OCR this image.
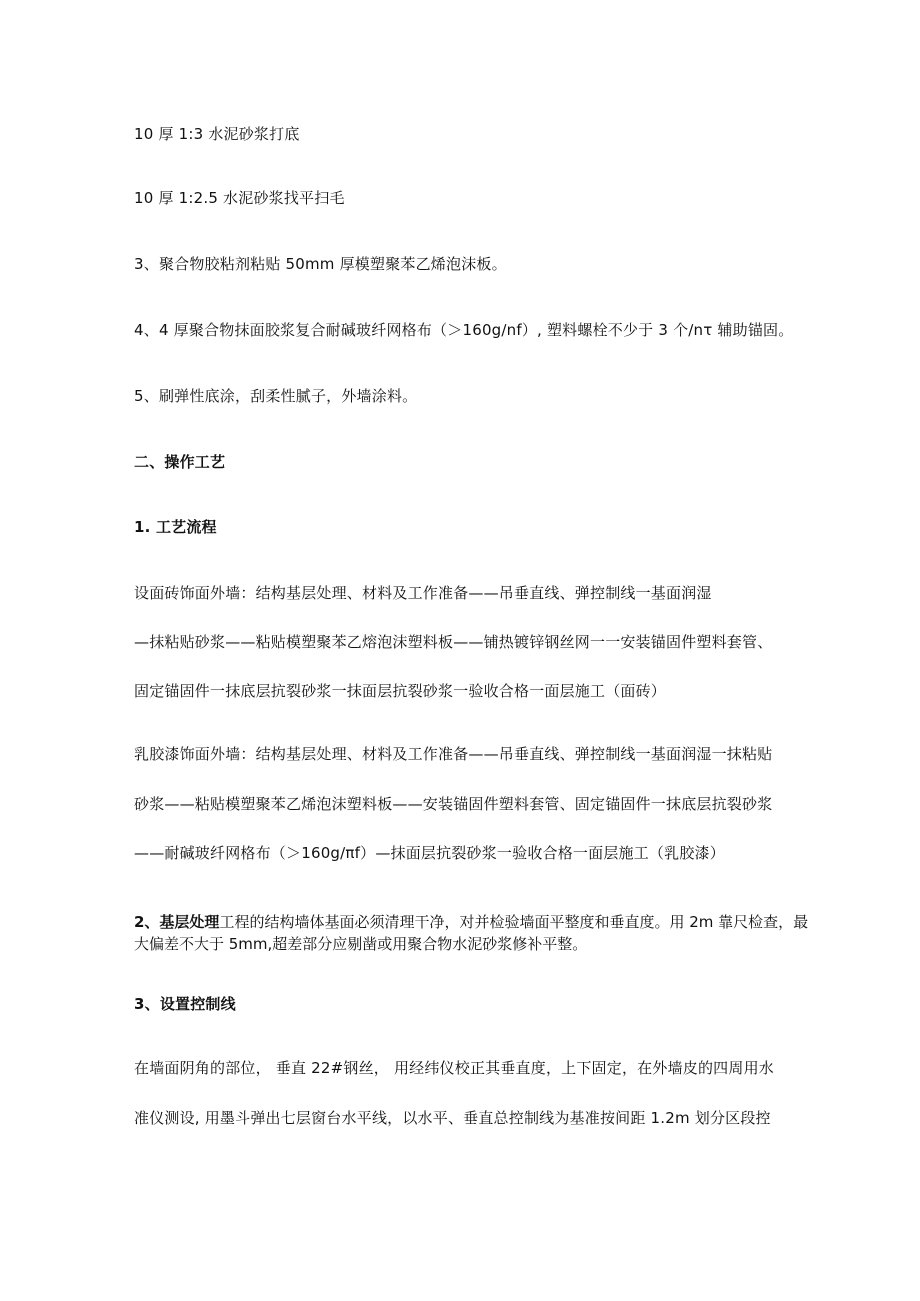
10 厚 1:3 水泥砂浆打底
10 厚 1:2.5 水泥砂浆找平扫毛
3、聚合物胶粘剂粘贴 50mm 厚模塑聚苯乙烯泡沫板。
4、4 厚聚合物抹面胶浆复合耐碱玻纤网格布（＞160g∕nf）, 塑料螺栓不少于 3 个∕nτ 辅助锚固。
5、刷弹性底涂，刮柔性腻子，外墙涂料。
二、操作工艺
1. 工艺流程
设面砖饰面外墙：结构基层处理、材料及工作准备——吊垂直线、弹控制线一基面润湿
—抹粘贴砂浆——粘贴模塑聚苯乙熔泡沫塑料板——铺热镀锌钢丝网一一安装锚固件塑料套管、
固定锚固件一抹底层抗裂砂浆一抹面层抗裂砂浆一验收合格一面层施工（面砖）
乳胶漆饰面外墙：结构基层处理、材料及工作准备——吊垂直线、弹控制线一基面润湿一抹粘贴
砂浆——粘贴模塑聚苯乙烯泡沫塑料板——安装锚固件塑料套管、固定锚固件一抹底层抗裂砂浆
——耐碱玻纤网格布（＞160g∕πf）—抹面层抗裂砂浆一验收合格一面层施工（乳胶漆）
2、基层处理工程的结构墙体基面必须清理干净，对并检验墙面平整度和垂直度。用 2m 靠尺检查，最大偏差不大于 5mm,超差部分应剔凿或用聚合物水泥砂浆修补平整。
3、设置控制线
在墙面阴角的部位， 垂直 22#钢丝， 用经纬仪校正其垂直度，上下固定，在外墙皮的四周用水
准仪测设, 用墨斗弹出七层窗台水平线，以水平、垂直总控制线为基准按间距 1.2m 划分区段控
